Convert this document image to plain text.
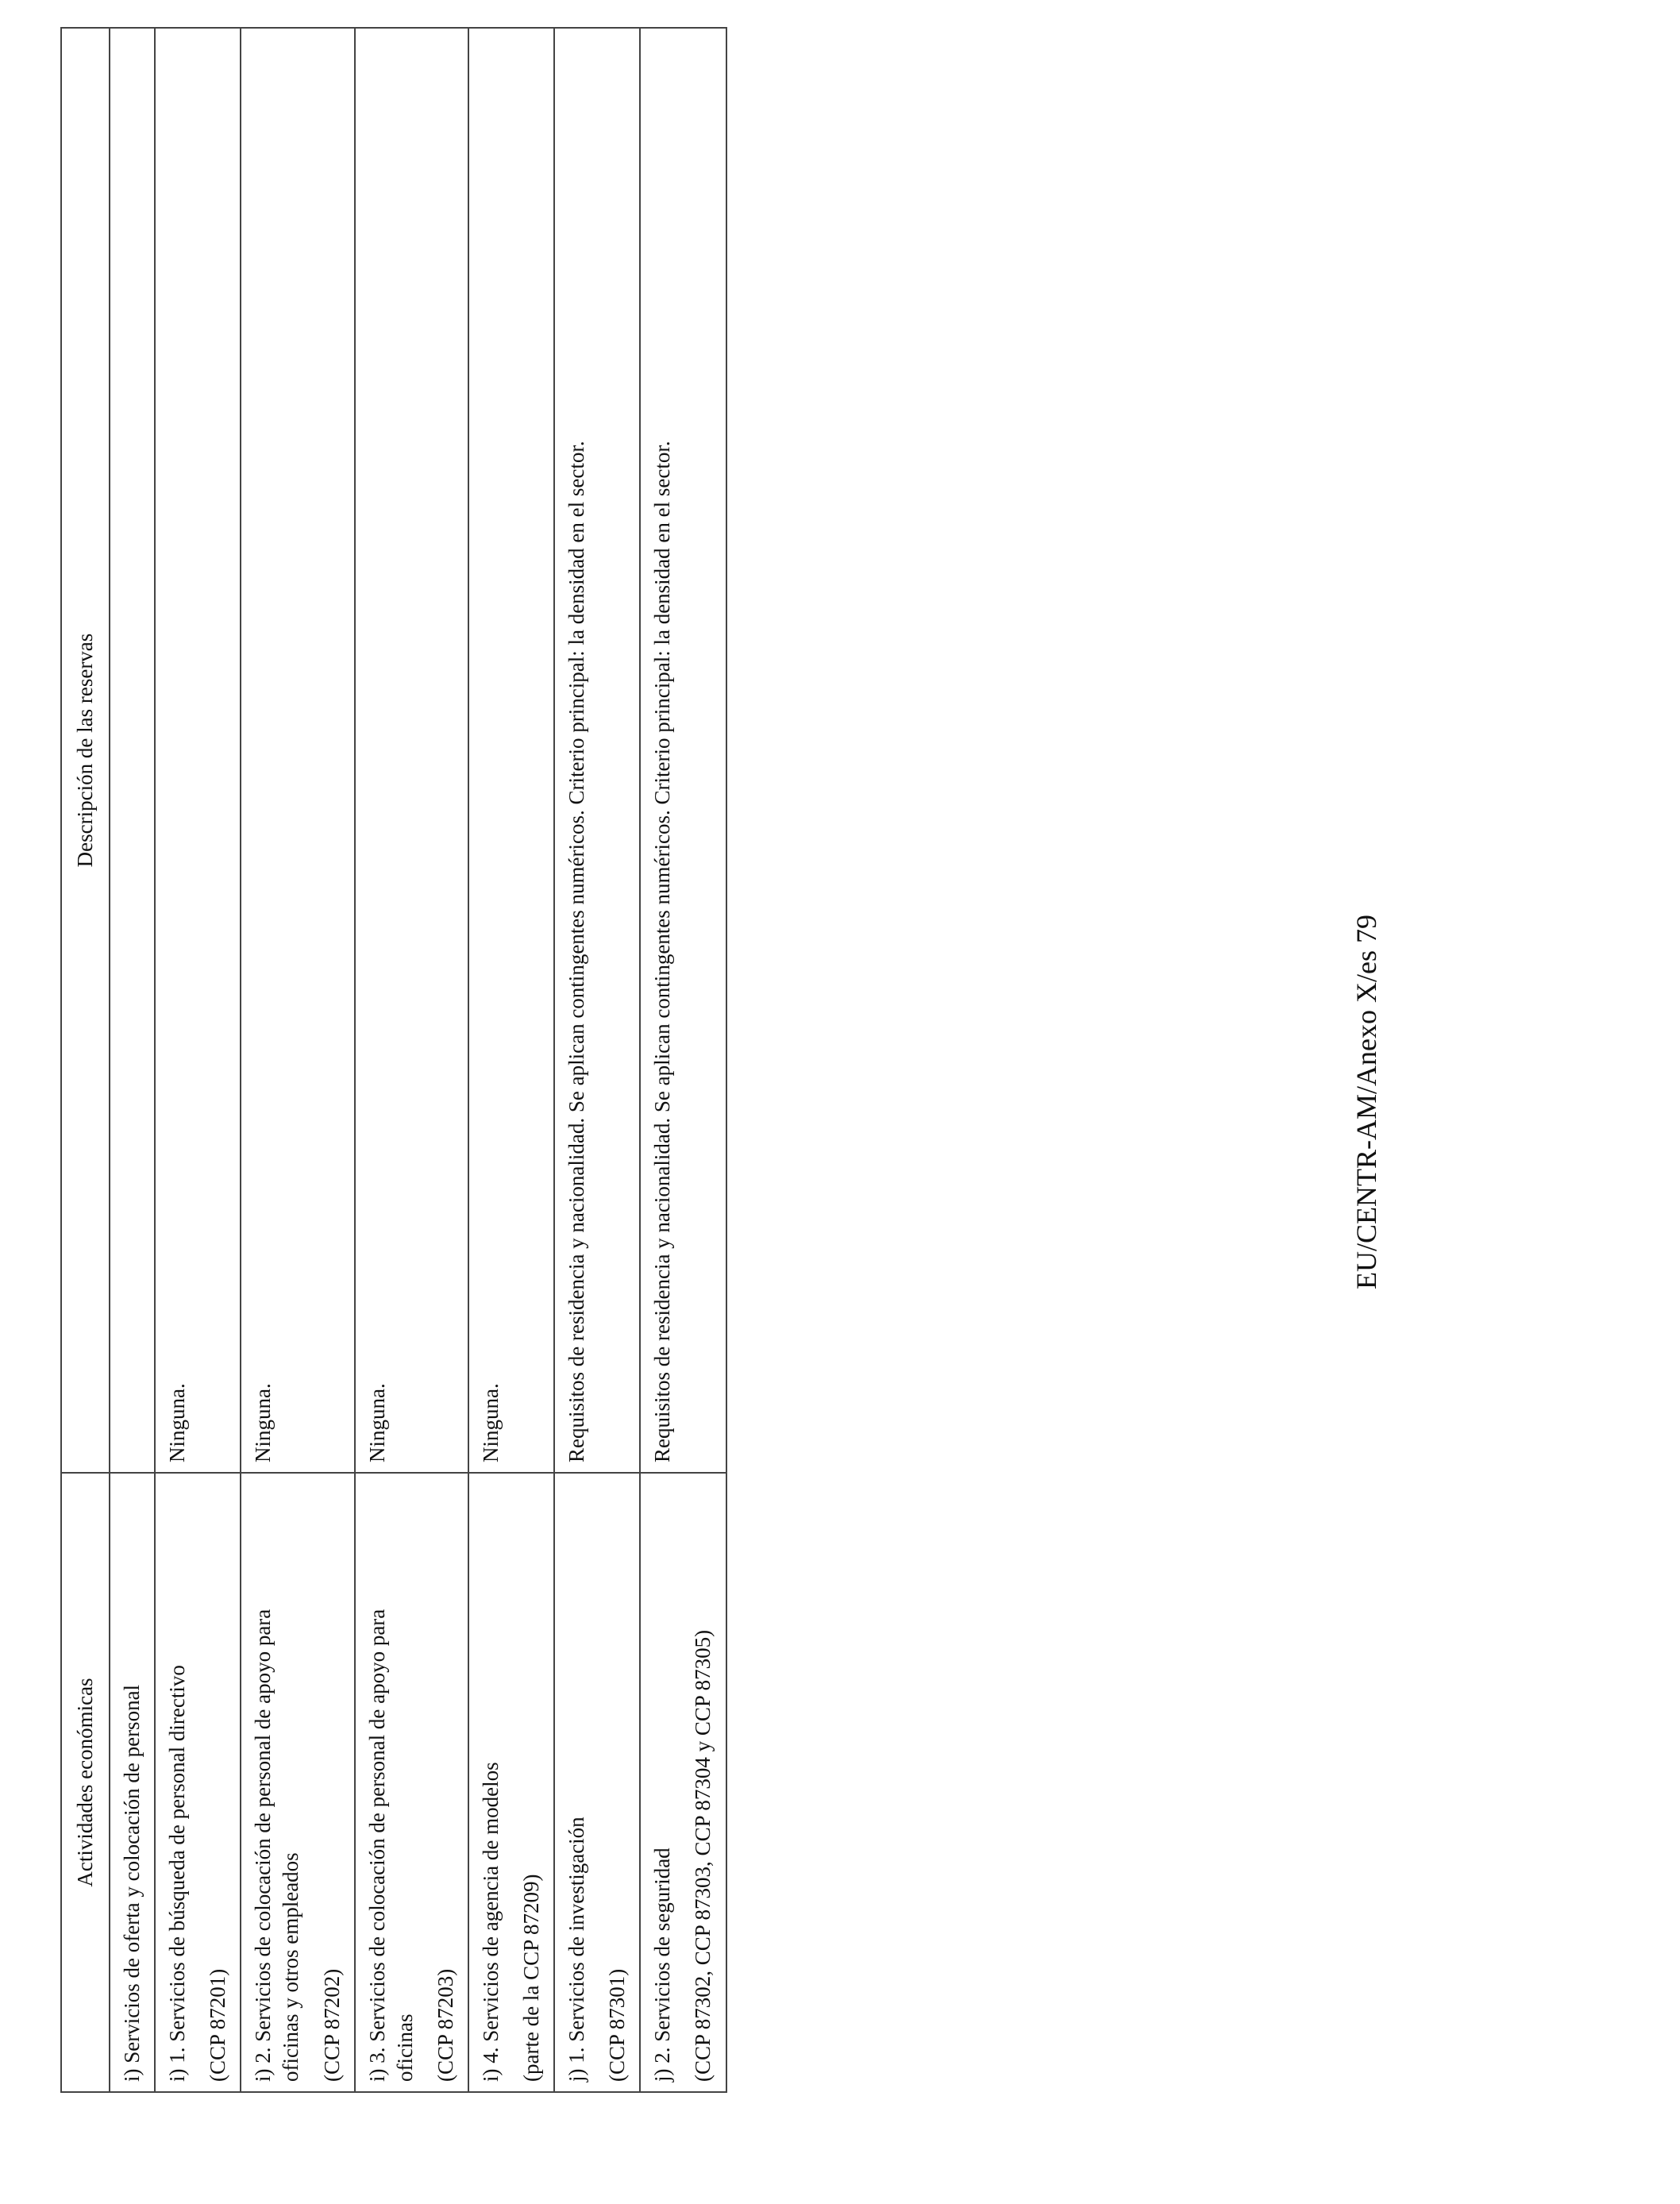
Actividades económicas	Descripción de las reservas
i) Servicios de oferta y colocación de personal	

i) 1. Servicios de búsqueda de personal directivo (CCP 87201)	Ninguna.

i) 2. Servicios de colocación de personal de apoyo para oficinas y otros empleados (CCP 87202)	Ninguna.

i) 3. Servicios de colocación de personal de apoyo para oficinas (CCP 87203)	Ninguna.

i) 4. Servicios de agencia de modelos (parte de la CCP 87209)	Ninguna.

j) 1. Servicios de investigación (CCP 87301)	Requisitos de residencia y nacionalidad. Se aplican contingentes numéricos. Criterio principal: la densidad en el sector.

j) 2. Servicios de seguridad (CCP 87302, CCP 87303, CCP 87304 y CCP 87305)	Requisitos de residencia y nacionalidad. Se aplican contingentes numéricos. Criterio principal: la densidad en el sector.	EU/CENTR-AM/Anexo X/es 79
